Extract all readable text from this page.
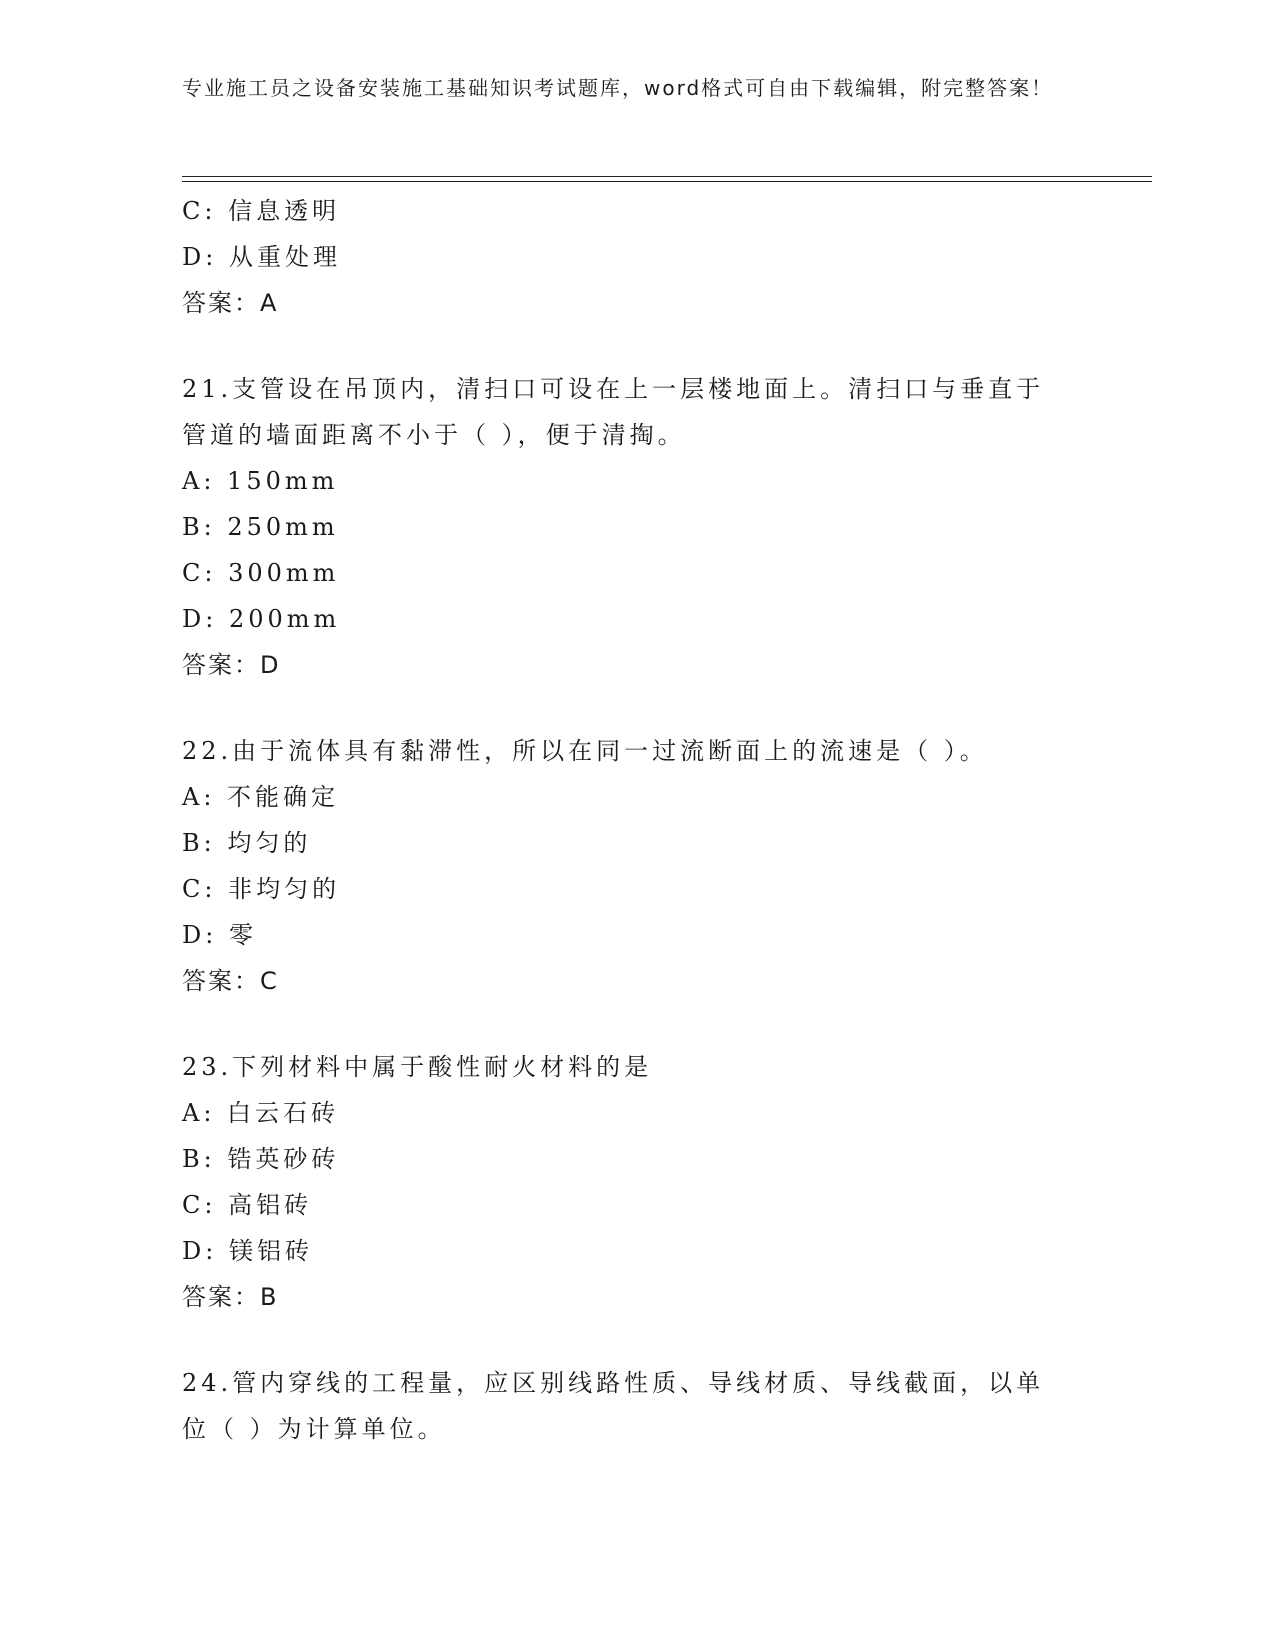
专业施工员之设备安装施工基础知识考试题库，word格式可自由下载编辑，附完整答案！
C: 信息透明
D: 从重处理
答案：A
21.支管设在吊顶内，清扫口可设在上一层楼地面上。清扫口与垂直于
管道的墙面距离不小于（ ），便于清掏。
A: 150mm
B: 250mm
C: 300mm
D: 200mm
答案：D
22.由于流体具有黏滞性，所以在同一过流断面上的流速是（ ）。
A: 不能确定
B: 均匀的
C: 非均匀的
D: 零
答案：C
23.下列材料中属于酸性耐火材料的是
A: 白云石砖
B: 锆英砂砖
C: 高铝砖
D: 镁铝砖
答案：B
24.管内穿线的工程量，应区别线路性质、导线材质、导线截面，以单
位（ ）为计算单位。
